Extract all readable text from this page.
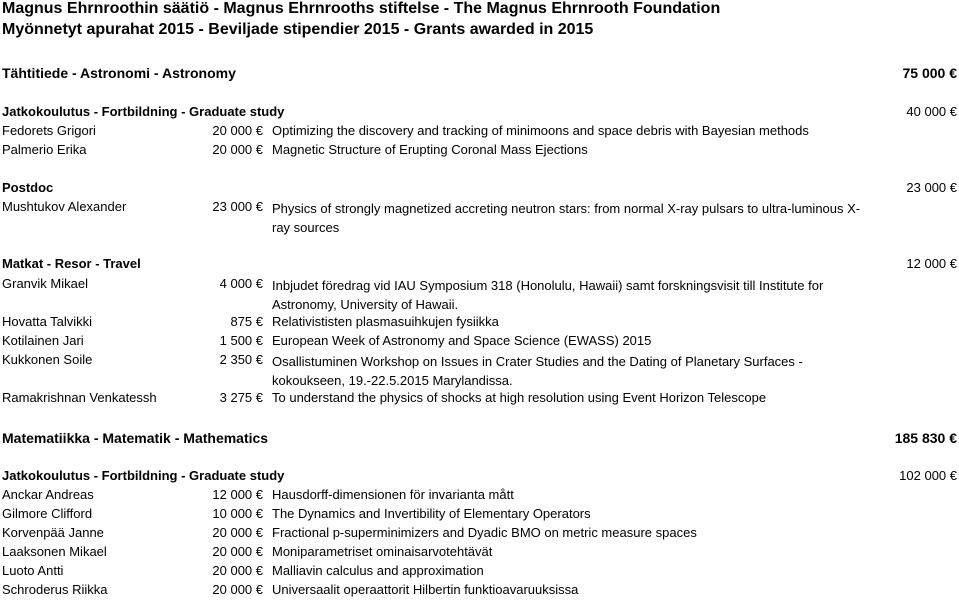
Magnus Ehrnroothin säätiö - Magnus Ehrnrooths stiftelse - The Magnus Ehrnrooth Foundation
Myönnetyt apurahat 2015 - Beviljade stipendier 2015 - Grants awarded in 2015
Tähtitiede - Astronomi - Astronomy	75 000 €
Jatkokoulutus - Fortbildning - Graduate study	40 000 €
Fedorets Grigori	20 000 € Optimizing the discovery and tracking of minimoons and space debris with Bayesian methods
Palmerio Erika	20 000 € Magnetic Structure of Erupting Coronal Mass Ejections
Postdoc	23 000 €
Mushtukov Alexander	23 000 € Physics of strongly magnetized accreting neutron stars: from normal X-ray pulsars to ultra-luminous X-ray sources
Matkat - Resor - Travel	12 000 €
Granvik Mikael	4 000 € Inbjudet föredrag vid IAU Symposium 318 (Honolulu, Hawaii) samt forskningsvisit till Institute for Astronomy, University of Hawaii.
Hovatta Talvikki	875 € Relativististen plasmasuihkujen fysiikka
Kotilainen Jari	1 500 € European Week of Astronomy and Space Science (EWASS) 2015
Kukkonen Soile	2 350 € Osallistuminen Workshop on Issues in Crater Studies and the Dating of Planetary Surfaces - kokoukseen, 19.-22.5.2015 Marylandissa.
Ramakrishnan Venkatessh	3 275 € To understand the physics of shocks at high resolution using Event Horizon Telescope
Matematiikka - Matematik - Mathematics	185 830 €
Jatkokoulutus - Fortbildning - Graduate study	102 000 €
Anckar Andreas	12 000 € Hausdorff-dimensionen för invarianta mått
Gilmore Clifford	10 000 € The Dynamics and Invertibility of Elementary Operators
Korvenpää Janne	20 000 € Fractional p-superminimizers and Dyadic BMO on metric measure spaces
Laaksonen Mikael	20 000 € Moniparametriset ominaisarvotehtävät
Luoto Antti	20 000 € Malliavin calculus and approximation
Schroderus Riikka	20 000 € Universaalit operaattorit Hilbertin funktioavaruuksissa
